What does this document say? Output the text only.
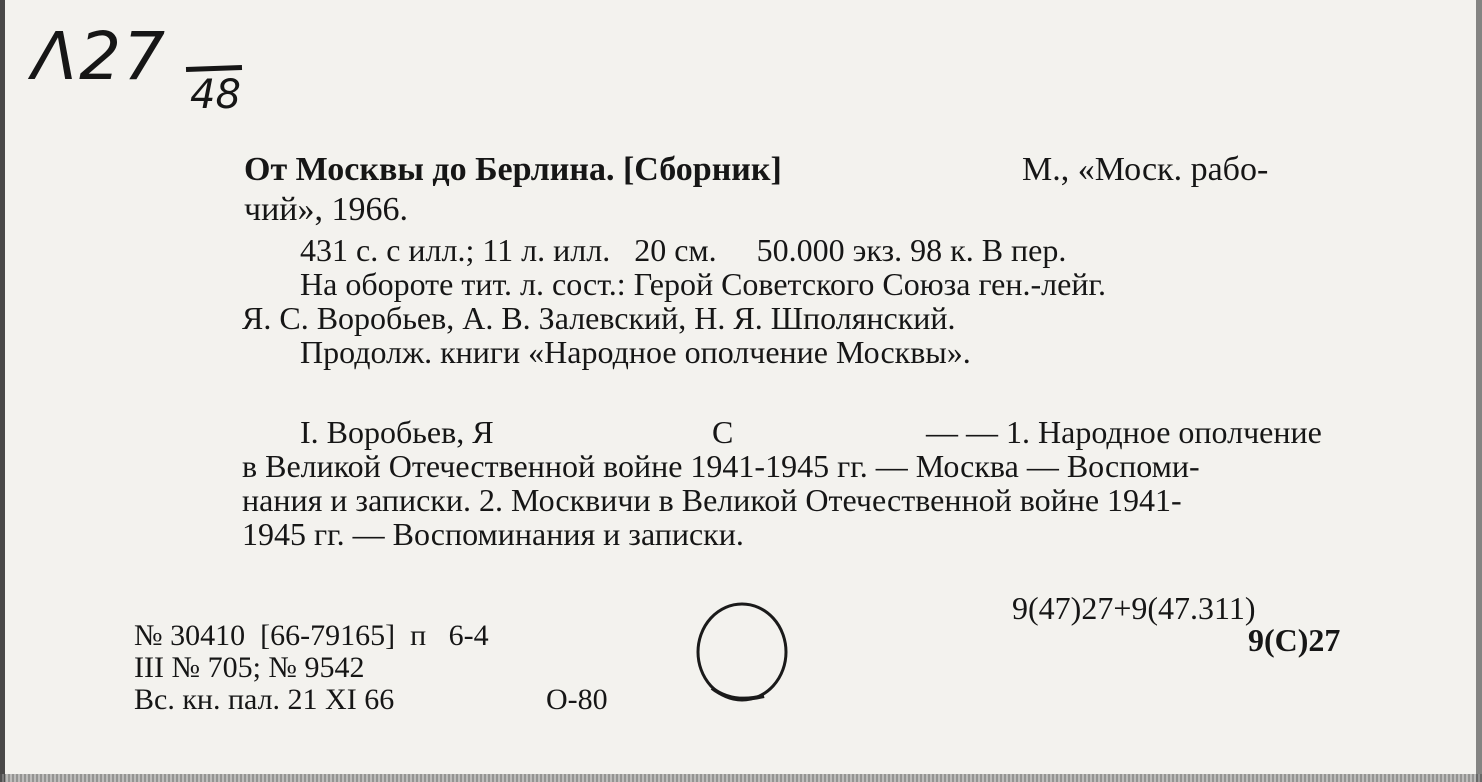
Λ27 48
От Москвы до Берлина. [Сборник]	М., «Моск. рабо-
чий», 1966.
431 с. с илл.; 11 л. илл.   20 см.     50.000 экз. 98 к. В пер.
На обороте тит. л. сост.: Герой Советского Союза ген.-лейг.
Я. С. Воробьев, А. В. Залевский, Н. Я. Шполянский.
Продолж. книги «Народное ополчение Москвы».
I. Воробьев, Я	С	— — 1. Народное ополчение
в Великой Отечественной войне 1941-1945 гг. — Москва — Воспоми-
нания и записки. 2. Москвичи в Великой Отечественной войне 1941-
1945 гг. — Воспоминания и записки.
9(47)27+9(47.311)
9(С)27
№ 30410  [66-79165]  п   6-4
III № 705; № 9542
Вс. кн. пал. 21 XI 66	О-80
